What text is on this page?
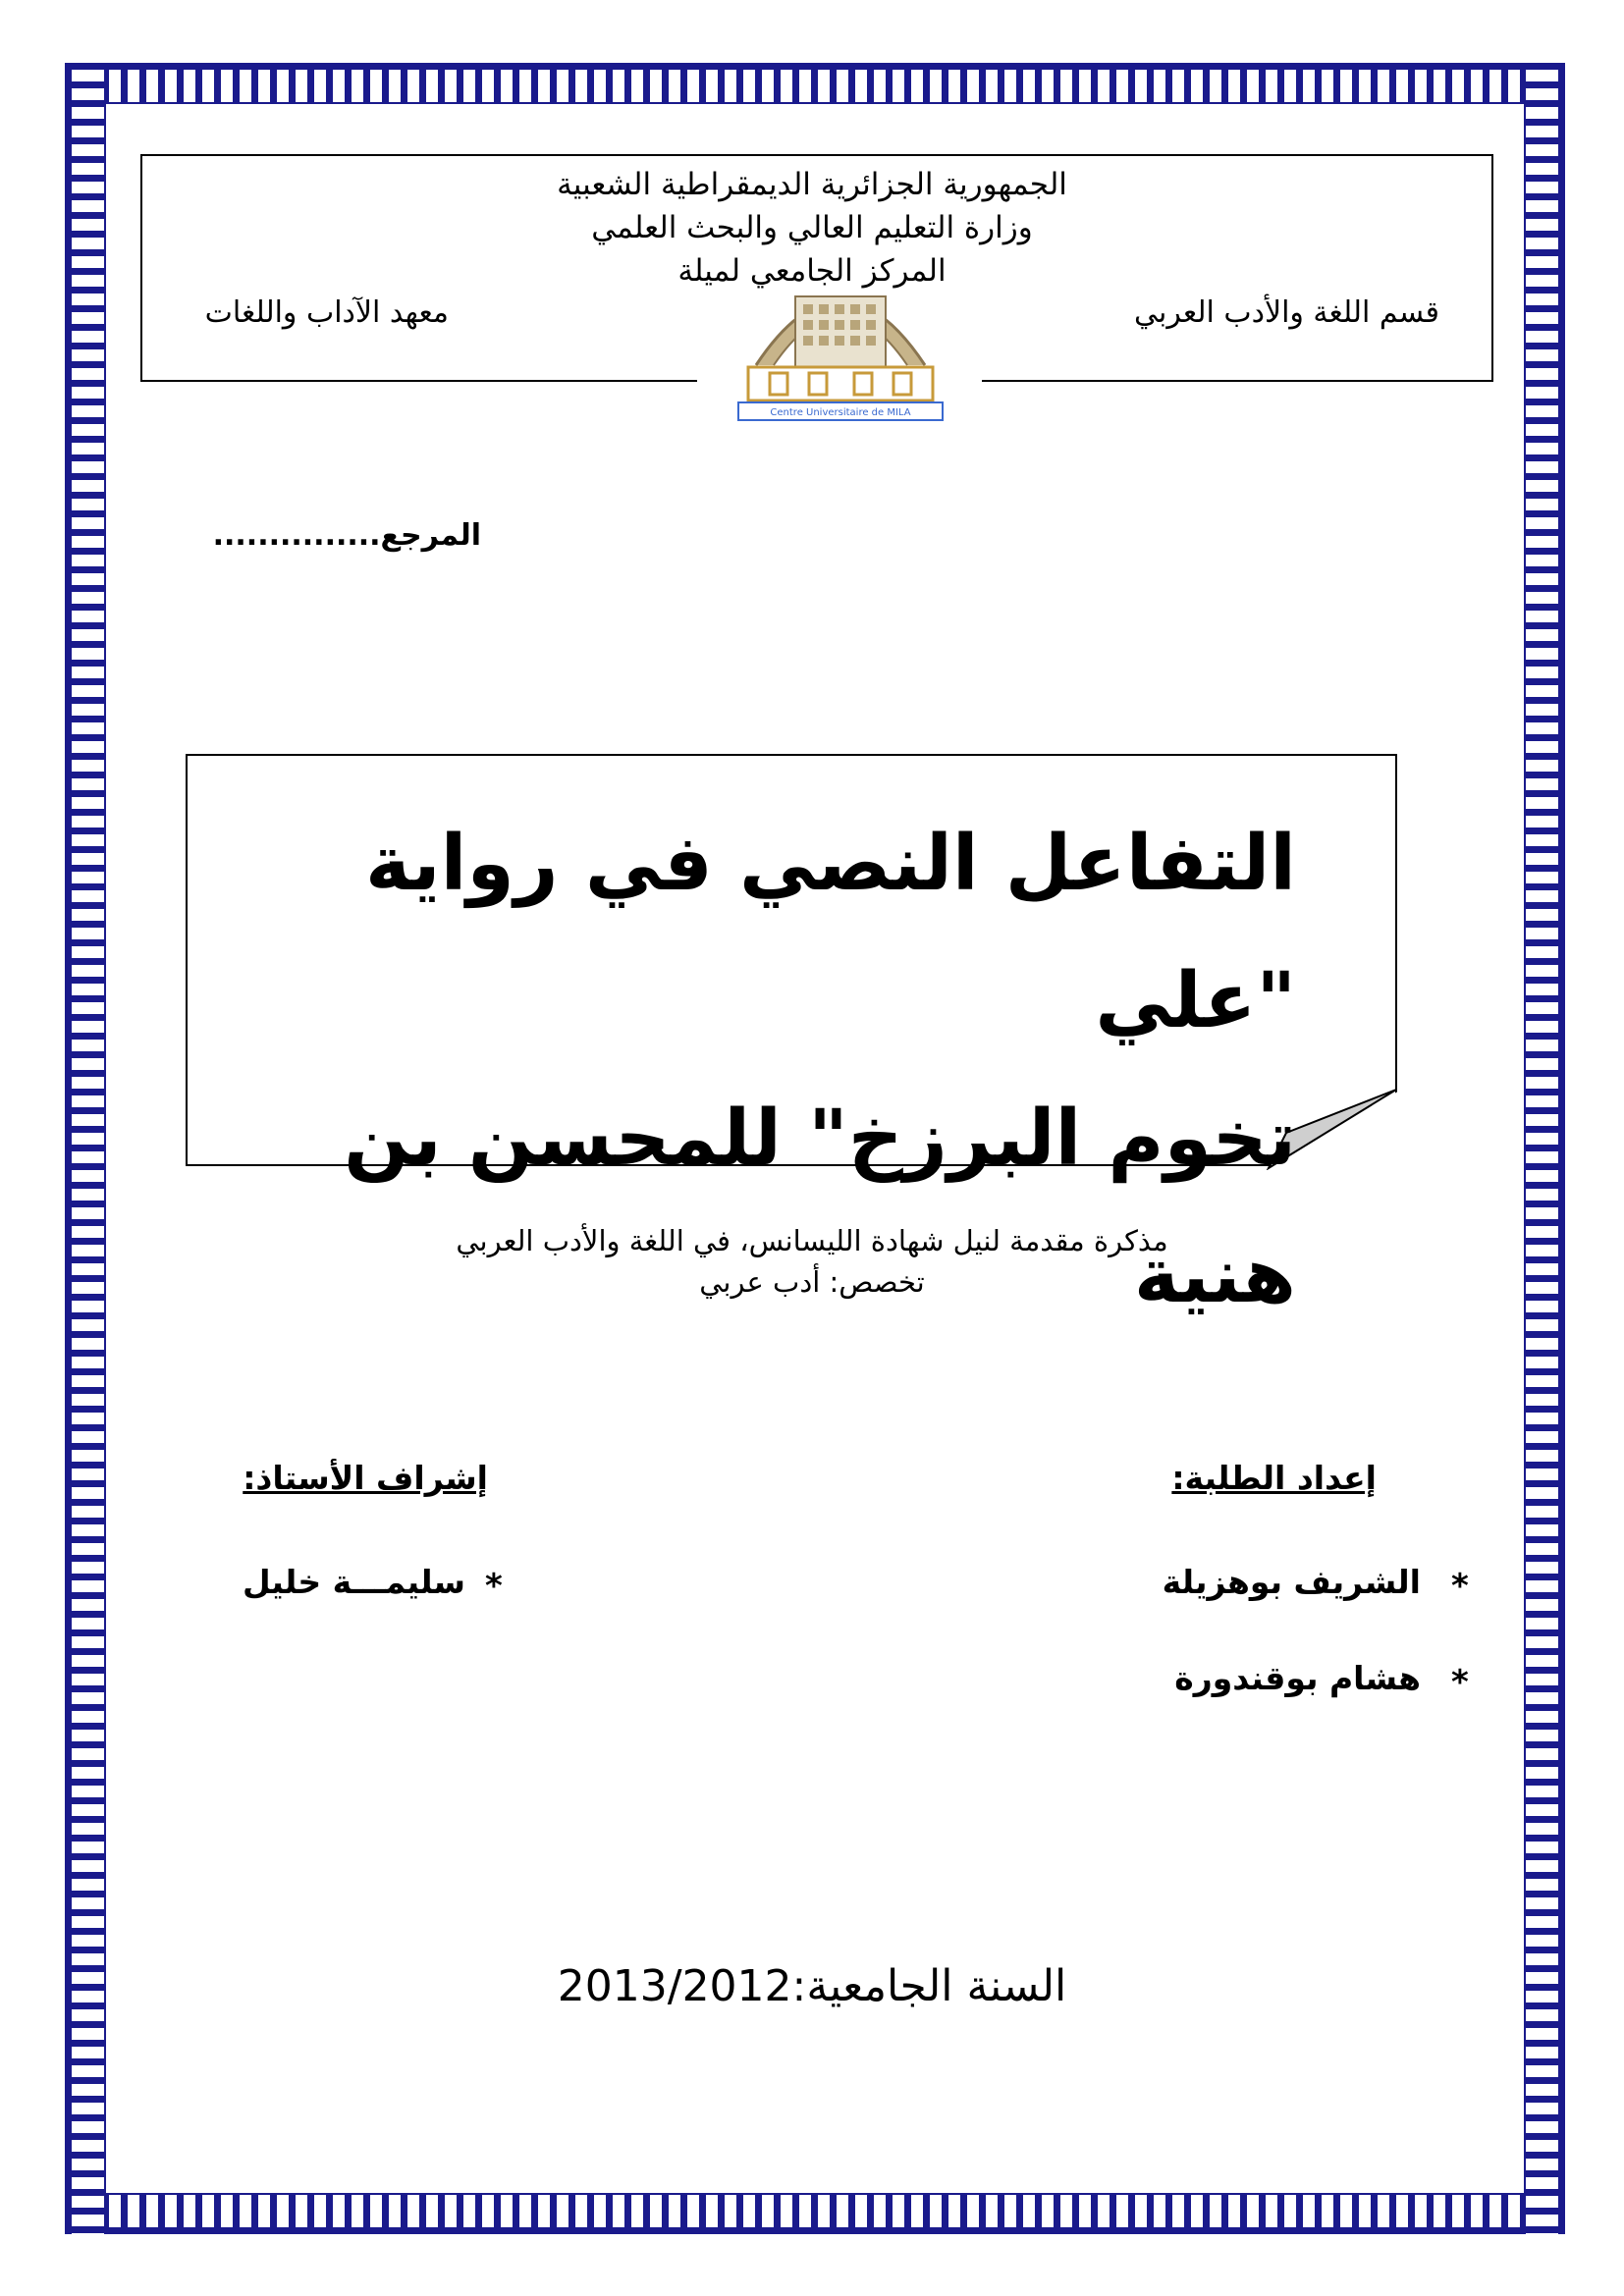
الجمهورية الجزائرية الديمقراطية الشعبية
وزارة التعليم العالي والبحث العلمي
المركز الجامعي لميلة
معهد الآداب واللغات	قسم اللغة والأدب العربي
Centre Universitaire de MILA
المرجع...............
التفاعل النصي في رواية "علي
تخوم البرزخ" للمحسن بن هنية
مذكرة مقدمة لنيل شهادة الليسانس، في اللغة والأدب العربي
تخصص: أدب عربي
إعداد الطلبة:
*
الشريف بوهزيلة
*
هشام بوقندورة
إشراف الأستاذ:
*
سليمـــة خليل
السنة الجامعية:2013/2012
